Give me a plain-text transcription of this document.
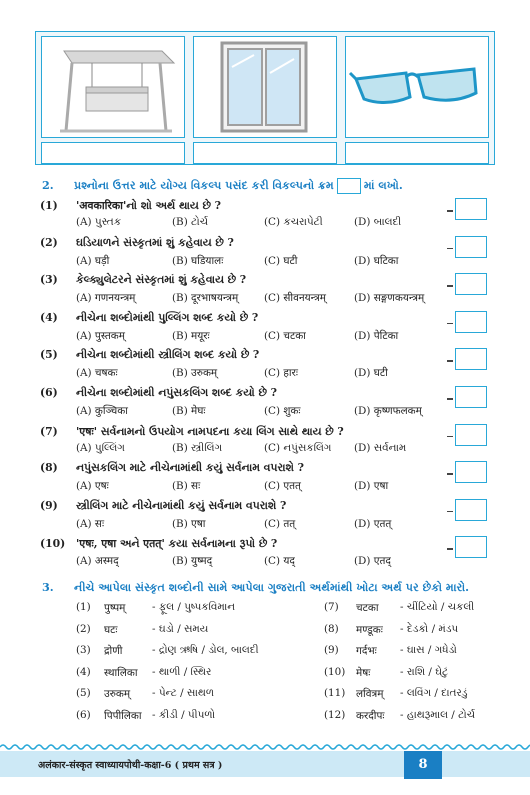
2. પ્રશ્નોના ઉત્તર માટે યોગ્ય વિકલ્પ પસંદ કરી વિકલ્પનો ક્રમ	માં લખો.
(1) 'अवकारिका'નો શો અર્થ થાય છે ?
(A) પુસ્તક	(B) ટોર્ચ	(C) કચરાપેટી	(D) બાલદી
(2) ઘડિયાળને સંસ્કૃતમાં શું કહેવાય છે ?
(A) घड़ी	(B) घडियालः	(C) घटी	(D) घटिका
(3) કેલ્ક્યુલેટરને સંસ્કૃતમાં શું કહેવાય છે ?
(A) गणनयन्त्रम्	(B) दूरभाषयन्त्रम् (C) सीवनयन्त्रम्	(D) सङ्गणकयन्त्रम्
(4) નીચેના શબ્દોમાંથી પુલ્લિંગ શબ્દ કયો છે ?
(A) पुस्तकम्	(B) मयूरः	(C) चटका	(D) पेटिका
(5) નીચેના શબ્દોમાંથી સ્ત્રીલિંગ શબ્દ કયો છે ?
(A) चषकः	(B) उरुकम्	(C) हारः	(D) घटी
(6) નીચેના શબ્દોમાંથી નપુંસકલિંગ શબ્દ કયો છે ?
(A) कुञ्चिका	(B) मेघः	(C) शुकः	(D) कृष्णफलकम्
(7) 'एषः' સર્વનામનો ઉપયોગ નામપદના કયા લિંગ સાથે થાય છે ?
(A) પુલ્લિંગ	(B) સ્ત્રીલિંગ	(C) નપુંસકલિંગ (D) સર્વનામ
(8) નપુંસકલિંગ માટે નીચેનામાંથી કયું સર્વનામ વપરાશે ?
(A) एषः	(B) सः	(C) एतत्	(D) एषा
(9) સ્ત્રીલિંગ માટે નીચેનામાંથી કયું સર્વનામ વપરાશે ?
(A) सः	(B) एषा	(C) तत्	(D) एतत्
(10) 'एषः, एषा અને एतत्' કયા સર્વનામના રૂપો છે ?
(A) अस्मद्	(B) युष्मद्	(C) यद्	(D) एतद्
3. નીચે આપેલા સંસ્કૃત શબ્દોની સામે આપેલા ગુજરાતી અર્થમાંથી ખોટા અર્થ પર છેકો મારો.
(1) पुष्पम्	- ફૂલ / પુષ્પકવિમાન
(2) घटः	- ઘડો / સમય
(3) द्रोणी	- દ્રોણ ઋષિ / ડોલ, બાલદી
(4) स्थालिका - થાળી / સ્થિર
(5) उरुकम् - પેન્ટ / સાથળ
(6) पिपीलिका - કીડી / પીપળો
(7) चटका - ચીંટિયો / ચકલી
(8) मण्डूकः - દેડકો / મંડપ
(9) गर्दभः - ઘાસ / ગધેડો
(10) मेषः	- રાશિ / ઘેટું
(11) लवित्रम् - લવિંગ / દાતરડું
(12) करदीपः - હાથરૂમાલ / ટોર્ચ
अलंकार-संस्कृत स्वाध्यायपोथी-कक्षा-6 ( प्रथम सत्र )	8
